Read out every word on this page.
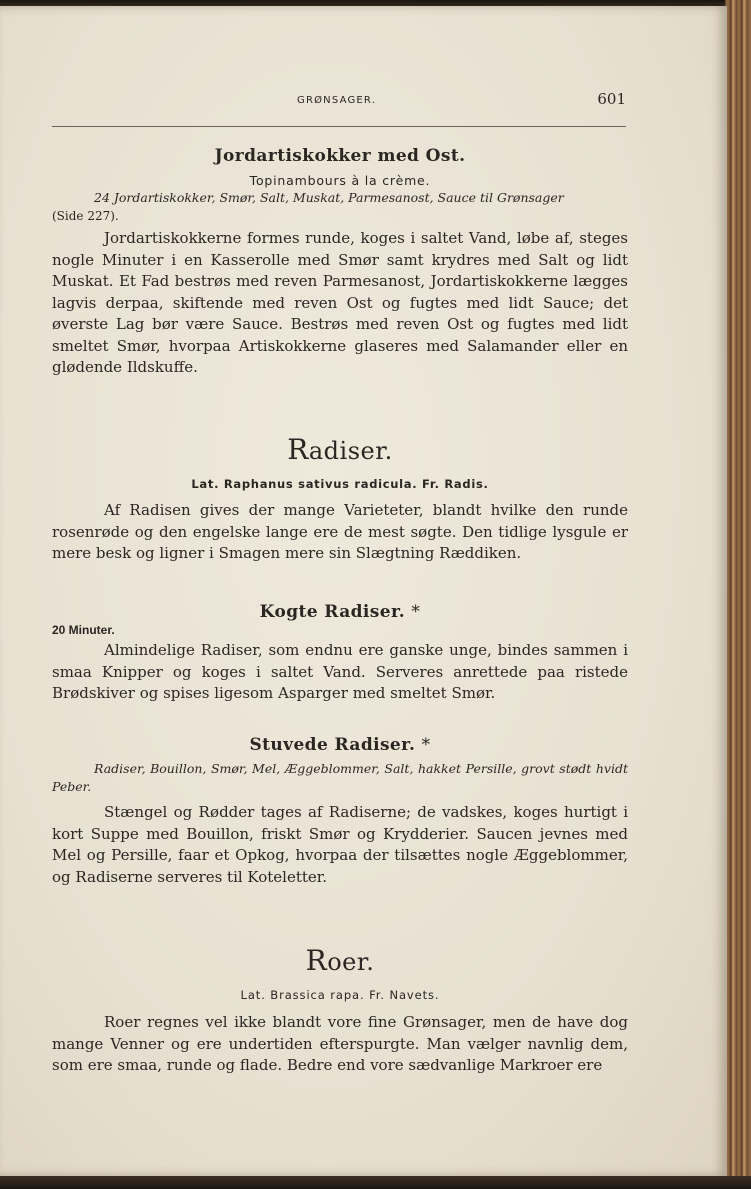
GRØNSAGER.	601
Jordartiskokker med Ost.
Topinambours à la crème.
24 Jordartiskokker, Smør, Salt, Muskat, Parmesanost, Sauce til Grønsager
(Side 227).

Jordartiskokkerne formes runde, koges i saltet Vand, løbe af, steges nogle Minuter i en Kasserolle med Smør samt krydres med Salt og lidt Muskat. Et Fad bestrøs med reven Parmesanost, Jordartiskokkerne lægges lagvis derpaa, skiftende med reven Ost og fugtes med lidt Sauce; det øverste Lag bør være Sauce. Bestrøs med reven Ost og fugtes med lidt smeltet Smør, hvorpaa Artiskokkerne glaseres med Salamander eller en glødende Ildskuffe.

Radiser.
Lat. Raphanus sativus radicula. Fr. Radis.

Af Radisen gives der mange Varieteter, blandt hvilke den runde rosenrøde og den engelske lange ere de mest søgte. Den tidlige lysgule er mere besk og ligner i Smagen mere sin Slægtning Ræddiken.

Kogte Radiser. *
20 Minuter.

Almindelige Radiser, som endnu ere ganske unge, bindes sammen i smaa Knipper og koges i saltet Vand. Serveres anrettede paa ristede Brødskiver og spises ligesom Asparger med smeltet Smør.

Stuvede Radiser. *
Radiser, Bouillon, Smør, Mel, Æggeblommer, Salt, hakket Persille, grovt stødt hvidt Peber.

Stængel og Rødder tages af Radiserne; de vadskes, koges hurtigt i kort Suppe med Bouillon, friskt Smør og Krydderier. Saucen jevnes med Mel og Persille, faar et Opkog, hvorpaa der tilsættes nogle Æggeblommer, og Radiserne serveres til Koteletter.

Roer.
Lat. Brassica rapa. Fr. Navets.

Roer regnes vel ikke blandt vore fine Grønsager, men de have dog mange Venner og ere undertiden efterspurgte. Man vælger navnlig dem, som ere smaa, runde og flade. Bedre end vore sædvanlige Markroer ere
